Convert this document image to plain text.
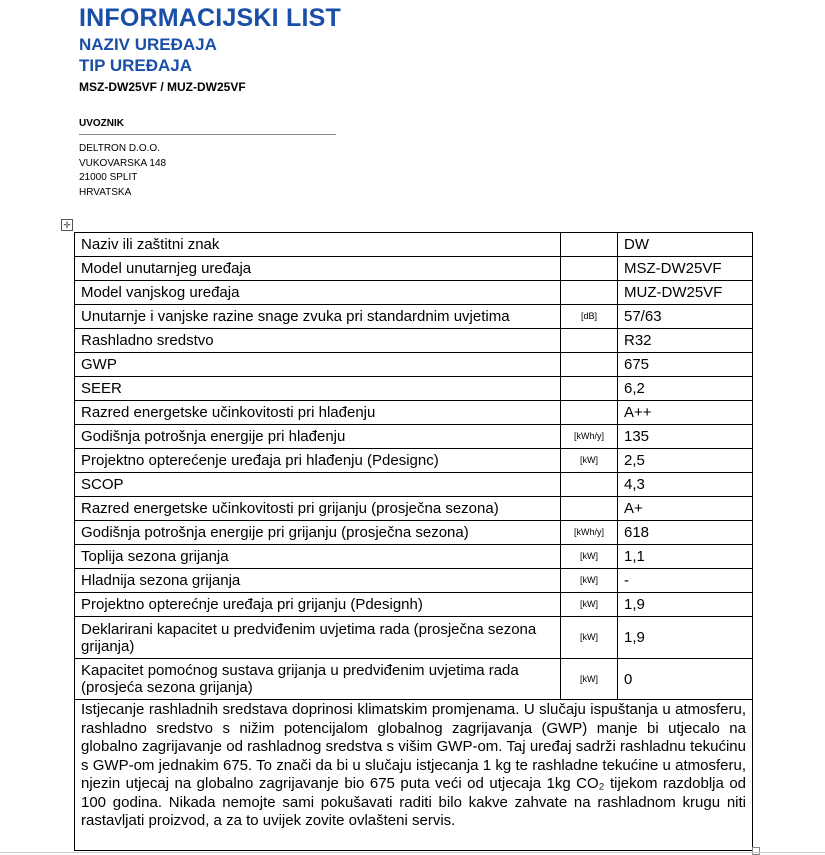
INFORMACIJSKI LIST
NAZIV UREĐAJA
TIP UREĐAJA
MSZ-DW25VF / MUZ-DW25VF
UVOZNIK
DELTRON D.O.O.
VUKOVARSKA 148
21000 SPLIT
HRVATSKA
✛
Naziv ili zaštitni znak		DW
Model unutarnjeg uređaja		MSZ-DW25VF
Model vanjskog uređaja		MUZ-DW25VF
Unutarnje i vanjske razine snage zvuka pri standardnim uvjetima	[dB]	57/63
Rashladno sredstvo		R32
GWP		675
SEER		6,2
Razred energetske učinkovitosti pri hlađenju		A++
Godišnja potrošnja energije pri hlađenju	[kWh/y]	135
Projektno opterećenje uređaja pri hlađenju (Pdesignc)	[kW]	2,5
SCOP		4,3
Razred energetske učinkovitosti pri grijanju (prosječna sezona)		A+
Godišnja potrošnja energije pri grijanju (prosječna sezona)	[kWh/y]	618
Toplija sezona grijanja	[kW]	1,1
Hladnija sezona grijanja	[kW]	-
Projektno opterećnje uređaja pri grijanju (Pdesignh)	[kW]	1,9
Deklarirani kapacitet u predviđenim uvjetima rada (prosječna sezona grijanja)	[kW]	1,9
Kapacitet pomoćnog sustava grijanja u predviđenim uvjetima rada (prosjeća sezona grijanja)	[kW]	0
Istjecanje rashladnih sredstava doprinosi klimatskim promjenama. U slučaju ispuštanja u atmosferu, rashladno sredstvo s nižim potencijalom globalnog zagrijavanja (GWP) manje bi utjecalo na globalno zagrijavanje od rashladnog sredstva s višim GWP-om. Taj uređaj sadrži rashladnu tekućinu s GWP-om jednakim 675. To znači da bi u slučaju istjecanja 1 kg te rashladne tekućine u atmosferu, njezin utjecaj na globalno zagrijavanje bio 675 puta veći od utjecaja 1kg CO₂ tijekom razdoblja od 100 godina. Nikada nemojte sami pokušavati raditi bilo kakve zahvate na rashladnom krugu niti rastavljati proizvod, a za to uvijek zovite ovlašteni servis.		
